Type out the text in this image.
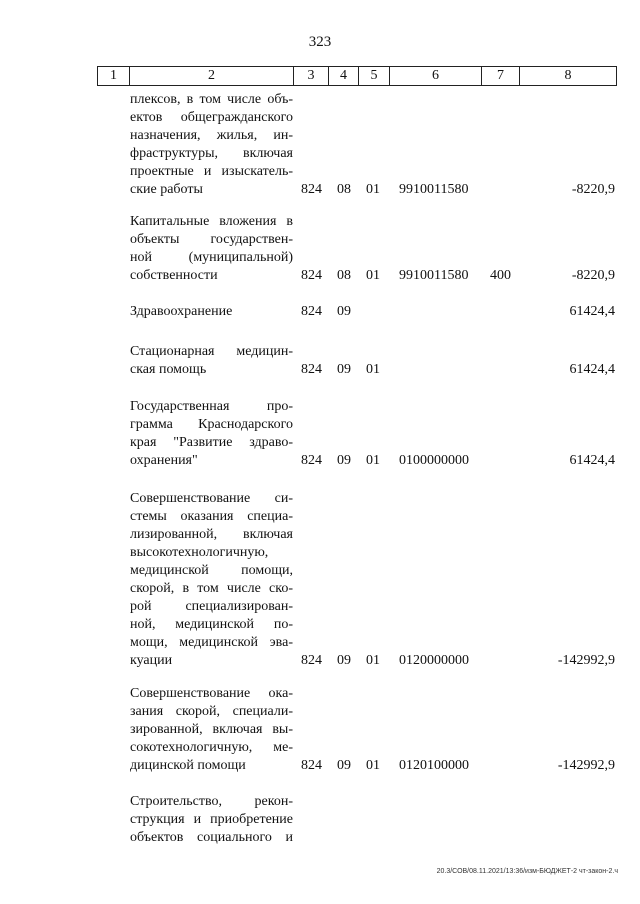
323
1	2	3	4	5	6	7	8
плексов, в том числе объ-
ектов общегражданского
назначения, жилья, ин-
фраструктуры, включая
проектные и изыскатель-
ские работы	824 08 01 9910011580	-8220,9
Капитальные вложения в
объекты государствен-
ной (муниципальной)
собственности	824 08 01 9910011580 400	-8220,9
Здравоохранение	824 09	61424,4
Стационарная медицин-
ская помощь	824 09 01	61424,4
Государственная про-
грамма Краснодарского
края "Развитие здраво-
охранения"	824 09 01 0100000000	61424,4
Совершенствование си-
стемы оказания специа-
лизированной, включая
высокотехнологичную,
медицинской помощи,
скорой, в том числе ско-
рой специализирован-
ной, медицинской по-
мощи, медицинской эва-
куации	824 09 01 0120000000	-142992,9
Совершенствование ока-
зания скорой, специали-
зированной, включая вы-
сокотехнологичную, ме-
дицинской помощи	824 09 01 0120100000	-142992,9
Строительство, рекон-
струкция и приобретение
объектов социального и
20.3/СОВ/08.11.2021/13:36/изм-БЮДЖЕТ-2 чт-закон-2.ч
